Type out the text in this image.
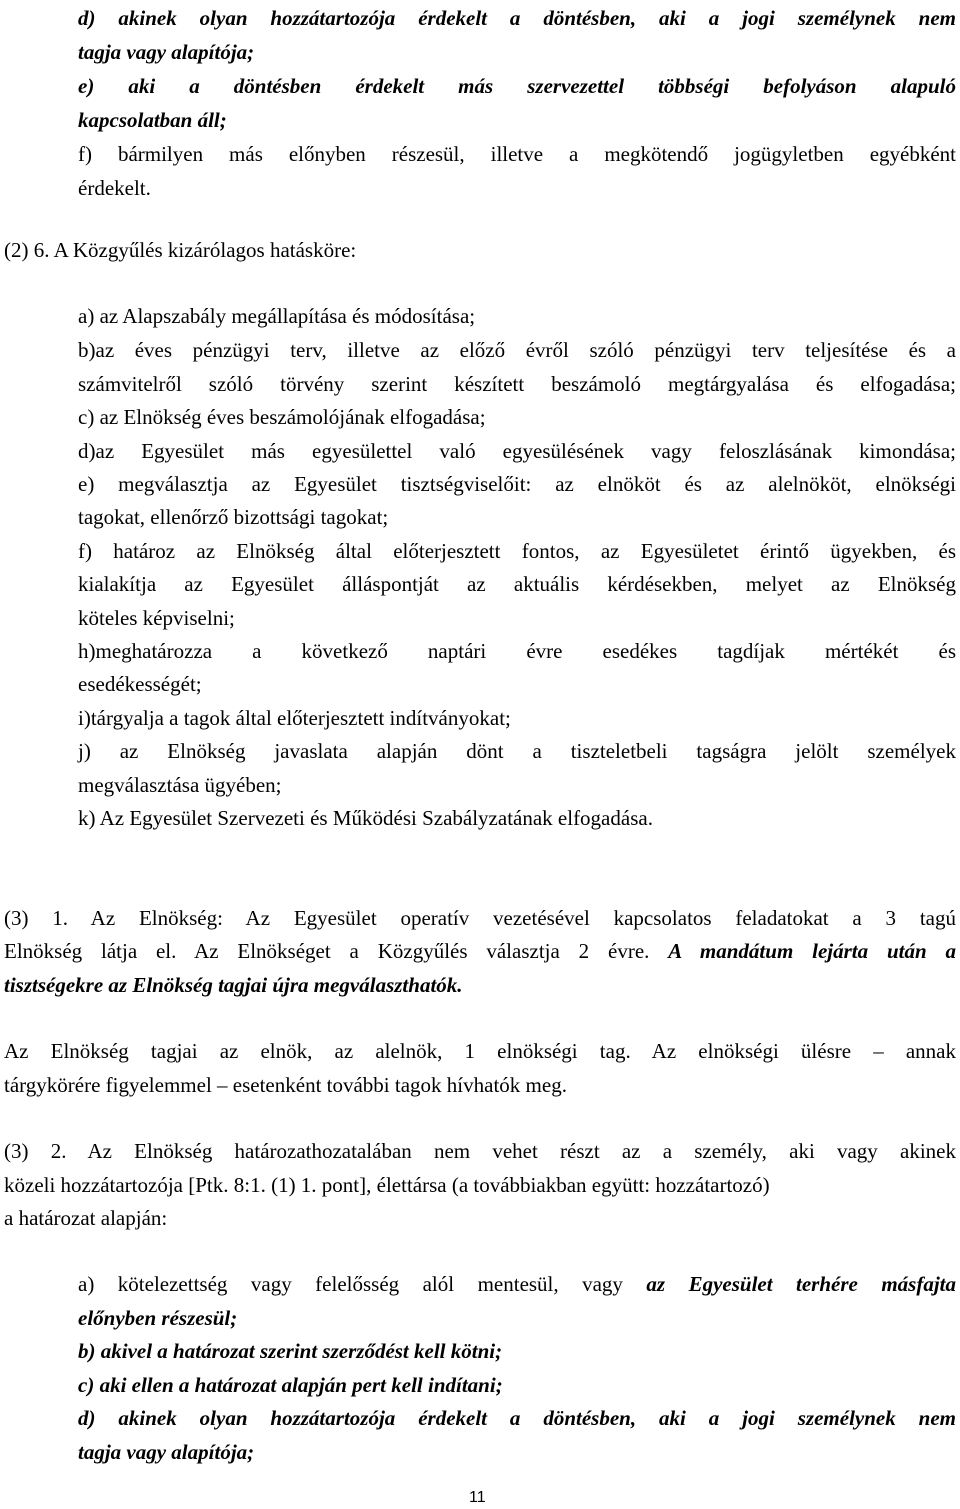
d) akinek olyan hozzátartozója érdekelt a döntésben, aki a jogi személynek nem
tagja vagy alapítója;
e) aki a döntésben érdekelt más szervezettel többségi befolyáson alapuló
kapcsolatban áll;
f) bármilyen más előnyben részesül, illetve a megkötendő jogügyletben egyébként
érdekelt.
(2) 6. A Közgyűlés kizárólagos hatásköre:
a) az Alapszabály megállapítása és módosítása;
b)az éves pénzügyi terv, illetve az előző évről szóló pénzügyi terv teljesítése és a
számvitelről szóló törvény szerint készített beszámoló megtárgyalása és elfogadása;
c) az Elnökség éves beszámolójának elfogadása;
d)az Egyesület más egyesülettel való egyesülésének vagy feloszlásának kimondása;
e) megválasztja az Egyesület tisztségviselőit: az elnököt és az alelnököt, elnökségi
tagokat, ellenőrző bizottsági tagokat;
f) határoz az Elnökség által előterjesztett fontos, az Egyesületet érintő ügyekben, és
kialakítja az Egyesület álláspontját az aktuális kérdésekben, melyet az Elnökség
köteles képviselni;
h)meghatározza a következő naptári évre esedékes tagdíjak mértékét és
esedékességét;
i)tárgyalja a tagok által előterjesztett indítványokat;
j) az Elnökség javaslata alapján dönt a tiszteletbeli tagságra jelölt személyek
megválasztása ügyében;
k) Az Egyesület Szervezeti és Működési Szabályzatának elfogadása.
(3) 1. Az Elnökség: Az Egyesület operatív vezetésével kapcsolatos feladatokat a 3 tagú
Elnökség látja el. Az Elnökséget a Közgyűlés választja 2 évre. A mandátum lejárta után a
tisztségekre az Elnökség tagjai újra megválaszthatók.
Az Elnökség tagjai az elnök, az alelnök, 1 elnökségi tag. Az elnökségi ülésre – annak
tárgykörére figyelemmel – esetenként további tagok hívhatók meg.
(3) 2. Az Elnökség határozathozatalában nem vehet részt az a személy, aki vagy akinek
közeli hozzátartozója [Ptk. 8:1. (1) 1. pont], élettársa (a továbbiakban együtt: hozzátartozó)
a határozat alapján:
a) kötelezettség vagy felelősség alól mentesül, vagy az Egyesület terhére másfajta
előnyben részesül;
b) akivel a határozat szerint szerződést kell kötni;
c) aki ellen a határozat alapján pert kell indítani;
d) akinek olyan hozzátartozója érdekelt a döntésben, aki a jogi személynek nem
tagja vagy alapítója;
11
